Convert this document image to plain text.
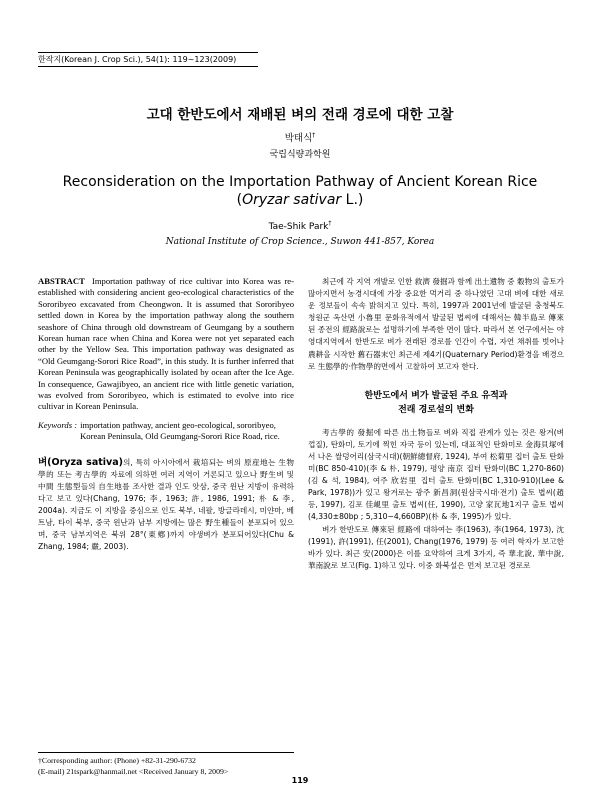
한작지(Korean J. Crop Sci.), 54(1): 119~123(2009)
고대 한반도에서 재배된 벼의 전래 경로에 대한 고찰
박태식†
국립식량과학원
Reconsideration on the Importation Pathway of Ancient Korean Rice
(Oryzar sativar L.)
Tae-Shik Park†
National Institute of Crop Science., Suwon 441-857, Korea

ABSTRACT Importation pathway of rice cultivar into Korea was re-established with considering ancient geo-ecological characteristics of the Sororibyeo excavated from Cheongwon. It is assumed that Sororibyeo settled down in Korea by the importation pathway along the southern seashore of China through old downstream of Geumgang by a southern Korean human race when China and Korea were not yet separated each other by the Yellow Sea. This importation pathway was designated as “Old Geumgang-Sorori Rice Road”, in this study. It is further inferred that Korean Peninsula was geographically isolated by ocean after the Ice Age. In consequence, Gawajibyeo, an ancient rice with little genetic variation, was evolved from Sororibyeo, which is estimated to evolve into rice cultivar in Korean Peninsula.

Keywords : importation pathway, ancient geo-ecological, sororibyeo, Korean Peninsula, Old Geumgang-Sorori Rice Road, rice.

벼(Oryza sativa)의, 특히 아시아에서 栽培되는 벼의 原産地는 生物學的 또는 考古學的 자료에 의하면 여러 지역이 거론되고 있으나 野生벼 및 中間 生態型들의 自生地를 조사한 결과 인도 앗삼, 중국 윈난 지방이 유력하다고 보고 있다(Chang, 1976; 李, 1963; 許, 1986, 1991; 朴 & 李, 2004a). 지금도 이 지방을 중심으로 인도 북부, 네팔, 방글라데시, 미얀마, 베트남, 타이 북부, 중국 윈난과 남부 지방에는 많은 野生種들이 분포되어 있으며, 중국 남부지역은 북위 28°(東鄕)까지 야생벼가 분포되어있다(Chu & Zhang, 1984; 嚴, 2003).

†Corresponding author: (Phone) +82-31-290-6732
(E-mail) 21tspark@hanmail.net <Received January 8, 2009>

최근에 각 지역 개발로 인한 救濟 發掘과 함께 出土遺物 중 穀物의 출토가 많아지면서 농경시대에 가장 중요한 먹거리 중 하나였던 고대 벼에 대한 새로운 정보들이 속속 밝혀지고 있다. 특히, 1997과 2001년에 발굴된 충청북도 청원군 옥산면 小魯里 문화유적에서 발굴된 볍씨에 대해서는 韓半島로 傳來된 종전의 經路說로는 설명하기에 부족한 면이 많다. 따라서 본 연구에서는 야영대지역에서 한반도로 벼가 전래된 경로를 인간이 수렵, 자연 채취를 벗어나 農耕을 시작한 舊石器末인 최근세 제4기(Quaternary Period)환경을 배경으로 生態學的·作物學的면에서 고찰하여 보고자 한다.

한반도에서 벼가 발굴된 주요 유적과
전래 경로설의 변화

考古學的 發掘에 따른 出土物들로 벼와 직접 관계가 있는 것은 왕겨(벼 껍질), 탄화미, 토기에 찍힌 자국 등이 있는데, 대표적인 탄화미로 金海貝塚에서 나온 쌀덩어리(삼국시대)(朝鮮總督府, 1924), 부여 松菊里 집터 출토 탄화미(BC 850-410)(李 & 朴, 1979), 평양 南京 집터 탄화미(BC 1,270-860)(김 & 석, 1984), 여주 欣岩里 집터 출토 탄화미(BC 1,310-910)(Lee & Park, 1978))가 있고 왕겨로는 광주 新昌洞(원삼국시대·전기) 출토 볍씨(趙 등, 1997), 김포 佳峴里 출토 볍씨(任, 1990), 고양 家瓦地1지구 출토 볍씨(4,330±80bp ; 5,310~4,660BP)(朴 & 李, 1995)가 있다.

벼가 한반도로 傳來된 經路에 대하여는 李(1963), 李(1964, 1973), 沈(1991), 許(1991), 任(2001), Chang(1976, 1979) 등 여러 학자가 보고한 바가 있다. 최근 安(2000)은 이를 요약하여 크게 3가지, 즉 華北說, 華中說, 華南說로 보고(Fig. 1)하고 있다. 이중 화북설은 먼저 보고된 경로로

119
